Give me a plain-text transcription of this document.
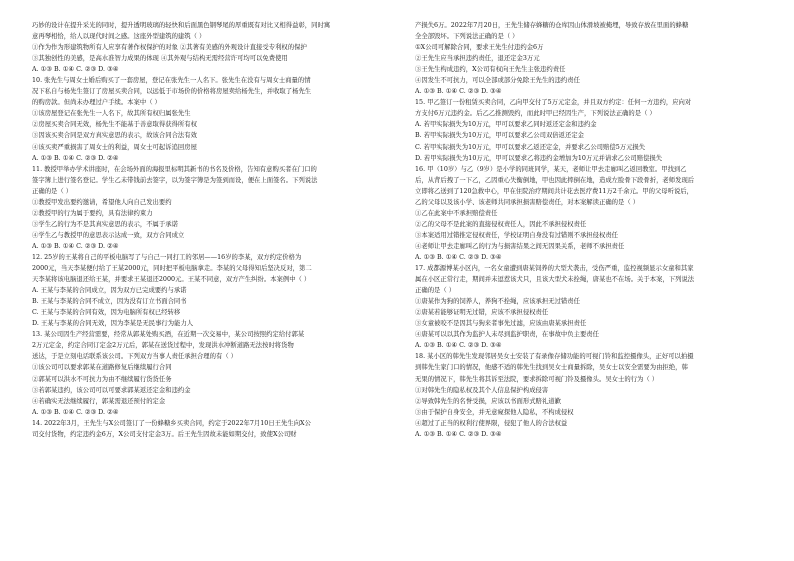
巧妙的设计在提升采光的同时，提升透明玻璃的轻快和后面黑色钢琴尾的厚重既有对比又相得益彰，同时寓

意再琴相恰，给人以现代时间之感。这座外型建筑的建筑（ ）

①作为作为形建筑物所有人应享有著作权保护的对象 ②其著有美感的外观设计直接受专利权的保护

③其独创性的美感，是高水准智力成果的体现 ④其外观与结构无需经营许可均可以免费使用

A. ①③ B. ①④ C. ②③ D. ③④

10. 张先生与周女士婚后购买了一套房屋，登记在张先生一人名下。张先生在没有与周女士商量的情

况下私自与杨先生签订了房屋买卖合同，以远低于市场价的价格将房屋卖给杨先生，并收取了杨先生

的购房款。但尚未办理过户手续。本案中（ ）

①该房屋登记在张先生一人名下，故其所有权归属张先生

②房屋买卖合同无效，杨先生不能基于善意取得获得所有权

③因该买卖合同是双方真实意思的表示，故该合同合法有效

④该买卖严重损害了周女士的利益，周女士可起诉追回房屋

A. ①③ B. ①④ C. ②③ D. ②④

11. 教授甲举办学术讲座时，在会场外面的海报里标明其新书的书名及价格，告知有意购买者在门口的

签字簿上进行签名登记。学生乙未带钱前去签字，以为签字簿是为签到而设，便在上面签名。下列说法

正确的是（ ）

①教授甲发出要约邀请，希望他人向自己发出要约

②教授甲的行为属于要约，具有法律约束力

③学生乙的行为不是其真实意思的表示，不属于承诺

④学生乙与教授甲的意思表示达成一致，双方合同成立

A. ①③ B. ①④ C. ②③ D. ②④

12. 25岁的王某将自己的平板电脑写了与自己一同打工的邻居——16岁的李某，双方约定价格为

2000元，当天李某便付给了王某2000元，同时把平板电脑拿走。李某的父母得知后坚决反对，第二

天李某将该电脑退还给王某，并要求王某退还2000元。王某不同意，双方产生纠纷。本案例中（ ）

A. 王某与李某的合同成立，因为双方已完成要约与承诺

B. 王某与李某的合同不成立，因为没有订立书面合同书

C. 王某与李某的合同有效，因为电脑所有权已经转移

D. 王某与李某的合同无效，因为李某是无民事行为能力人

13. 某公司因生产经营需要，经常从郭某处购买酒，在近期一次交易中，某公司按照约定给付郭某

2万元定金，约定合同订定金2万元后，郭某在送货过程中，发现洪水冲断道路无法按时将货物

送达，于是立刻电话联系该公司。下列双方当事人责任承担合理的有（ ）

①该公司可以要求郭某在道路修复后继续履行合同

②郭某可以洪水不可抗力为由不继续履行货货任务

③若郭某违约，该公司可以可要求郭某返还定金和违约金

④若确实无法继续履行，郭某需退还预付的定金

A. ①③ B. ①④ C. ②③ D. ②④

14. 2022年3月，王先生与X公司签订了一份蜂糖乡买卖合同，约定于2022年7月10日王先生向X公

司交付货物，约定违约金6万，X公司支付定金3万。后王先生因故未能如期交付，致使X公司财

产损失6万。2022年7月20日，王先生储存蜂糖的仓库因山体滑坡被掩埋，导致存放在里面的蜂糖

全全部毁坏。下列说法正确的是（ ）

①X公司可解除合同，要求王先生付违约金6万

②王先生应当承担违约责任，退还定金3万元

③王先生构成违约，X公司有权向王先生主张违约责任

④因发生不可抗力，可以全部或部分免除王先生的违约责任

A. ①③ B. ①④ C. ②③ D. ③④

15. 甲乙签订一份租赁买卖合同，乙向甲交付了5万元定金，并且双方约定：任何一方违约，应向对

方支付6万元违约金。后乙乙推测毁约，而此时甲已经因生产，下列说法正确的是（ ）

A. 若甲实际损失为10万元，甲可以要求乙同时返还定金和违约金

B. 若甲实际损失为10万元，甲可以要求乙公司双倍返还定金

C. 若甲实际损失为10万元，甲可以要求乙返还定金，并要求乙公司赔偿5万元损失

D. 若甲实际损失为10万元，甲可以要求乙将违约金增加为10万元并请求乙公司赔偿损失

16. 甲（10岁）与乙（9岁）是小学的同班同学，某天，老师让甲去走廊叫乙返回教室。甲找到乙

后，从背后拽了一下乙，乙因重心失衡倒地，甲也因此摔倒在地，造成左脸骨下段骨折，老师发现后

立即将乙送到了120急救中心，甲在住院治疗期间共计花去医疗费11万2千余元。甲的父母听说后，

乙的父母以及该小学、该老师共同承担损害赔偿责任，对本案解读正确的是（ ）

①乙在此案中不承担赔偿责任

②乙的父母不是此案的直接侵权责任人，因此不承担侵权责任

③本案适用过错推定侵权责任，学校证明自身没有过错则不承担侵权责任

④老师让甲去走廊叫乙的行为与损害结果之间无因果关系，老师不承担责任

A. ①③ B. ①④ C. ②③ D. ③④

17. 成都源博某小区内，一名女童遭到唐某饲养的大型犬袭击，受伤严重，监控视频显示女童和其家

属在小区正常行走，期间并未逗惹该犬只，且该大型犬未拴绳，唐某也不在场。关于本案，下列说法

正确的是（ ）

①唐某作为狗的饲养人，养狗不拴绳，应该承担无过错责任

②唐某若能够证明无过错，应该不承担侵权责任

③女童被咬不是因其与狗来者事先过滤，应该由唐某承担责任

④唐某可以以其作为监护人未尽到监护职责，在事故中负主要责任

A. ①③ B. ①④ C. ②③ D. ③④

18. 某小区的韩先生发现邻居吴女士安装了有录像存储功能的可视门铃和监控摄像头，正好可以拍摄

到韩先生家门口的情况，他感不适的韩先生找到吴女士商量拆除，吴女士以安全需要为由拒绝，韩

无果的情况下，韩先生将其诉至法院，要求拆除可视门铃及摄像头。吴女士的行为（ ）

①对韩先生的隐私权及其个人信息保护构成侵害

②导致韩先生的名誉受损，应该以书面形式赔礼道歉

③由于保护自身安全，并无意窥探他人隐私，不构成侵权

④超过了正当的权利行使界限，侵犯了他人的合法权益

A. ①③ B. ①④ C. ②③ D. ③④
